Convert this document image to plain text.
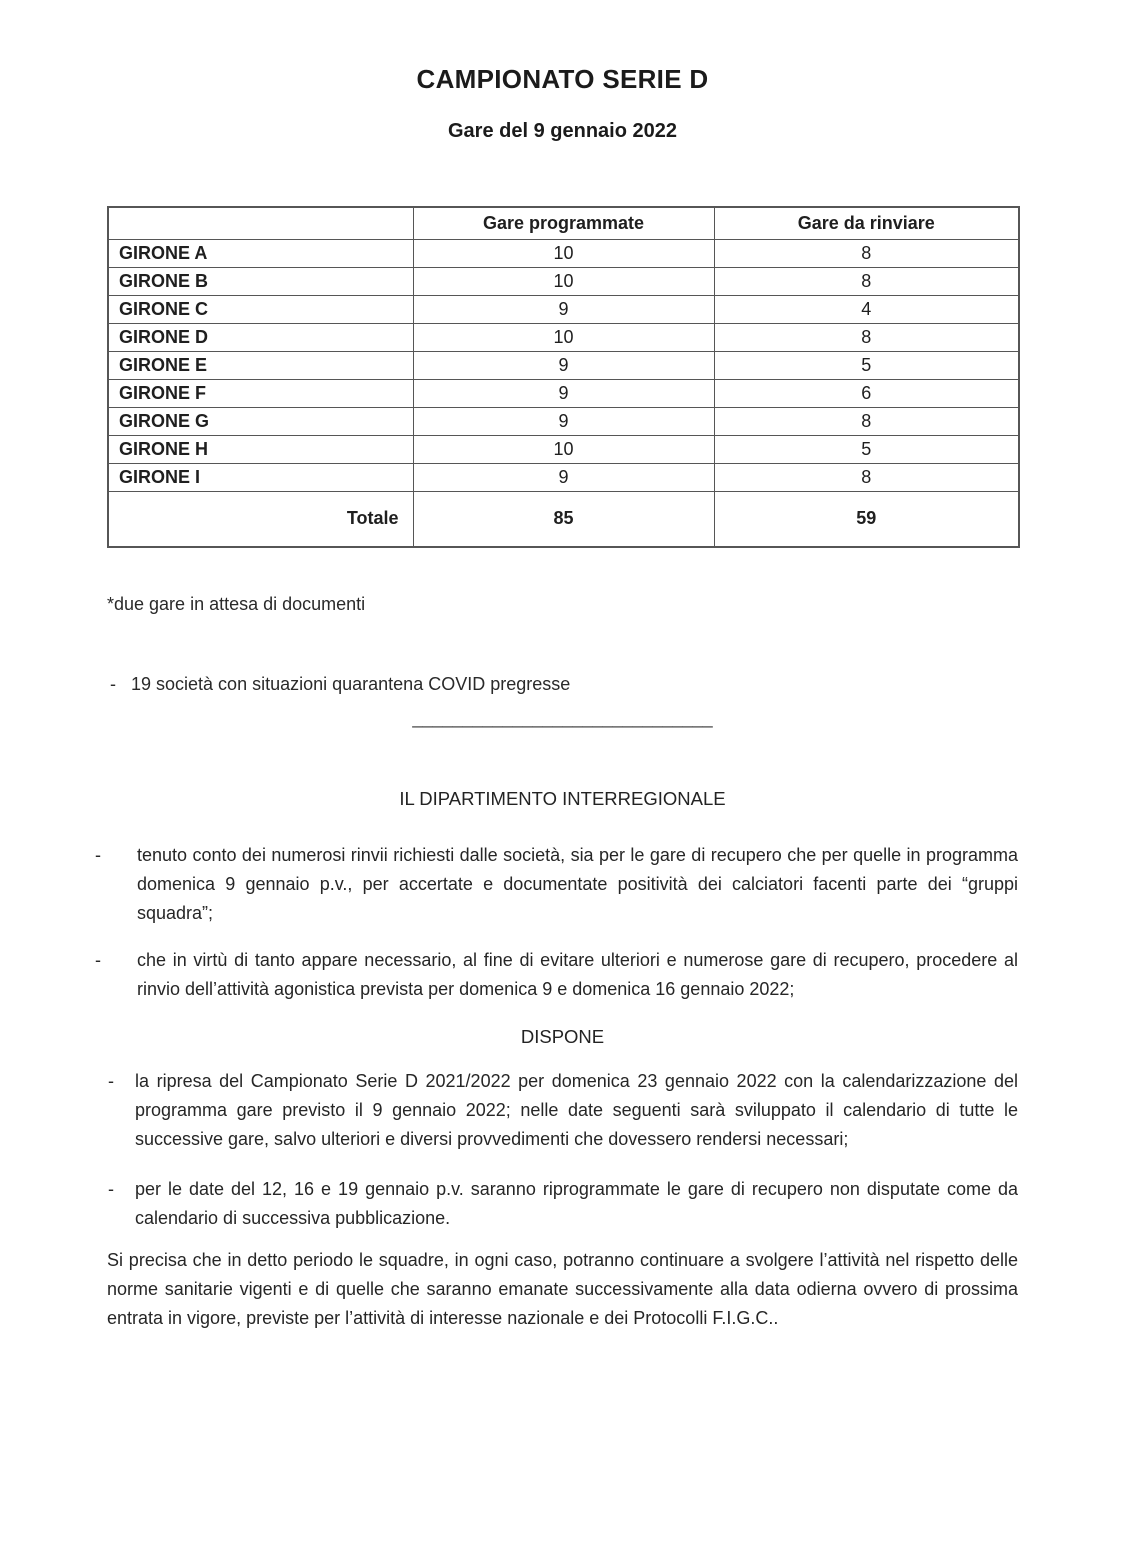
CAMPIONATO SERIE D
Gare del 9 gennaio 2022
	Gare programmate	Gare da rinviare
GIRONE A	10	8
GIRONE B	10	8
GIRONE C	9	4
GIRONE D	10	8
GIRONE E	9	5
GIRONE F	9	6
GIRONE G	9	8
GIRONE H	10	5
GIRONE I	9	8
Totale	85	59
*due gare in attesa di documenti
- 19 società con situazioni quarantena COVID pregresse
______________________________
IL DIPARTIMENTO INTERREGIONALE
-	tenuto conto dei numerosi rinvii richiesti dalle società, sia per le gare di recupero che per quelle in programma domenica 9 gennaio p.v., per accertate e documentate positività dei calciatori facenti parte dei “gruppi squadra”;

-	che in virtù di tanto appare necessario, al fine di evitare ulteriori e numerose gare di recupero, procedere al rinvio dell’attività agonistica prevista per domenica 9 e domenica 16 gennaio 2022;

DISPONE
-	la ripresa del Campionato Serie D 2021/2022 per domenica 23 gennaio 2022 con la calendarizzazione del programma gare previsto il 9 gennaio 2022; nelle date seguenti sarà sviluppato il calendario di tutte le successive gare, salvo ulteriori e diversi provvedimenti che dovessero rendersi necessari;

-	per le date del 12, 16 e 19 gennaio p.v. saranno riprogrammate le gare di recupero non disputate come da calendario di successiva pubblicazione.

Si precisa che in detto periodo le squadre, in ogni caso, potranno continuare a svolgere l’attività nel rispetto delle norme sanitarie vigenti e di quelle che saranno emanate successivamente alla data odierna ovvero di prossima entrata in vigore, previste per l’attività di interesse nazionale e dei Protocolli F.I.G.C..
